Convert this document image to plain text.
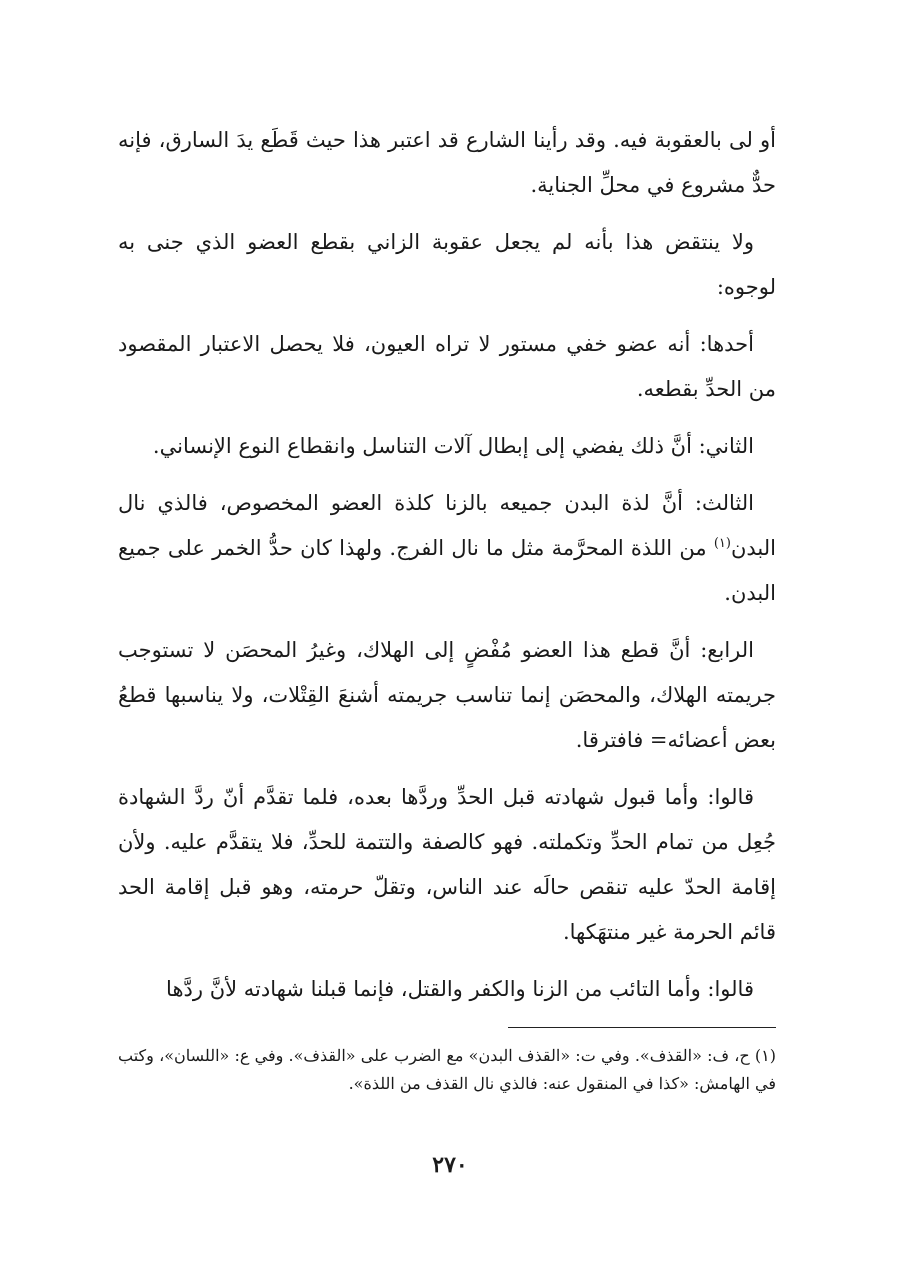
أو لى بالعقوبة فيه. وقد رأينا الشارع قد اعتبر هذا حيث قَطَع يدَ السارق، فإنه حدٌّ مشروع في محلِّ الجناية.

ولا ينتقض هذا بأنه لم يجعل عقوبة الزاني بقطع العضو الذي جنى به لوجوه:

أحدها: أنه عضو خفي مستور لا تراه العيون، فلا يحصل الاعتبار المقصود من الحدِّ بقطعه.

الثاني: أنَّ ذلك يفضي إلى إبطال آلات التناسل وانقطاع النوع الإنساني.

الثالث: أنَّ لذة البدن جميعه بالزنا كلذة العضو المخصوص، فالذي نال البدن$^{(١)}$ من اللذة المحرَّمة مثل ما نال الفرج. ولهذا كان حدُّ الخمر على جميع البدن.

الرابع: أنَّ قطع هذا العضو مُفْضٍ إلى الهلاك، وغيرُ المحصَن لا تستوجب جريمته الهلاك، والمحصَن إنما تناسب جريمته أشنعَ القِتْلات، ولا يناسبها قطعُ بعض أعضائه= فافترقا.

قالوا: وأما قبول شهادته قبل الحدِّ وردَّها بعده، فلما تقدَّم أنّ ردَّ الشهادة جُعِل من تمام الحدِّ وتكملته. فهو كالصفة والتتمة للحدِّ، فلا يتقدَّم عليه. ولأن إقامة الحدّ عليه تنقص حالَه عند الناس، وتقلّ حرمته، وهو قبل إقامة الحد قائم الحرمة غير منتهَكها.

قالوا: وأما التائب من الزنا والكفر والقتل، فإنما قبلنا شهادته لأنَّ ردَّها

(١) ح، ف: «القذف». وفي ت: «القذف البدن» مع الضرب على «القذف». وفي ع: «اللسان»، وكتب في الهامش: «كذا في المنقول عنه: فالذي نال القذف من اللذة».

٢٧٠
